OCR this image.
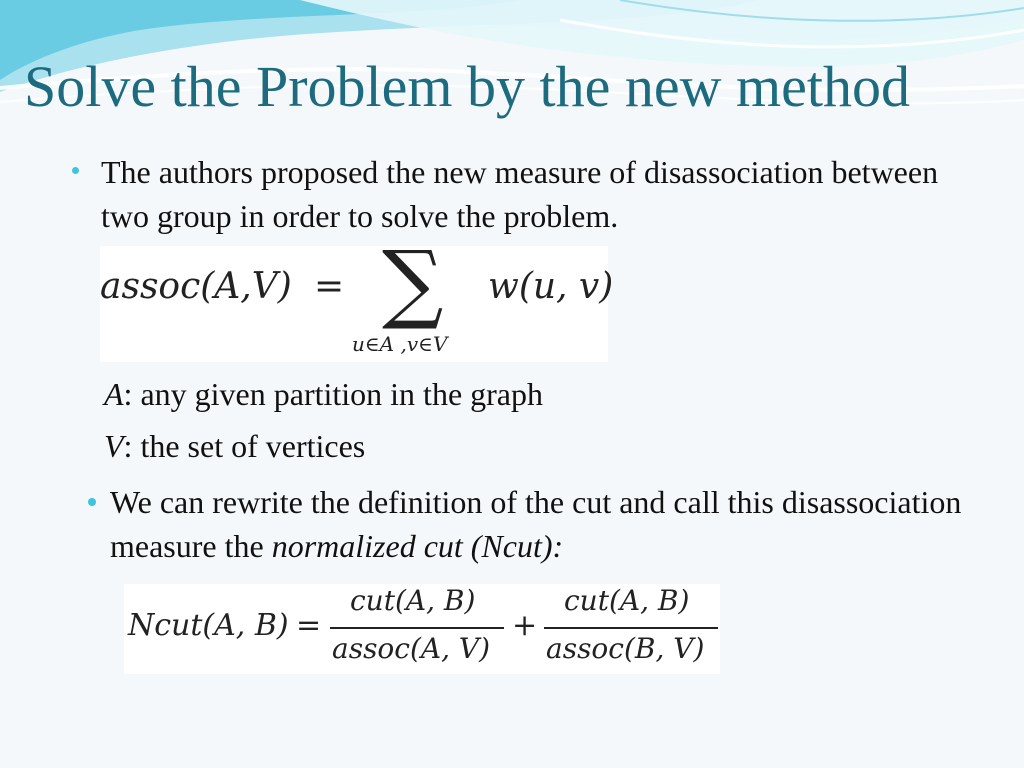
Solve the Problem by the new method
The authors proposed the new measure of disassociation between two group in order to solve the problem.
assoc(A,V) = ∑
u∈A ,v∈V
w(u, v)
A: any given partition in the graph
V: the set of vertices
We can rewrite the definition of the cut and call this disassociation measure the normalized cut (Ncut):
Ncut(A, B) =
cut(A, B)
assoc(A, V)
+
cut(A, B)
assoc(B, V)
